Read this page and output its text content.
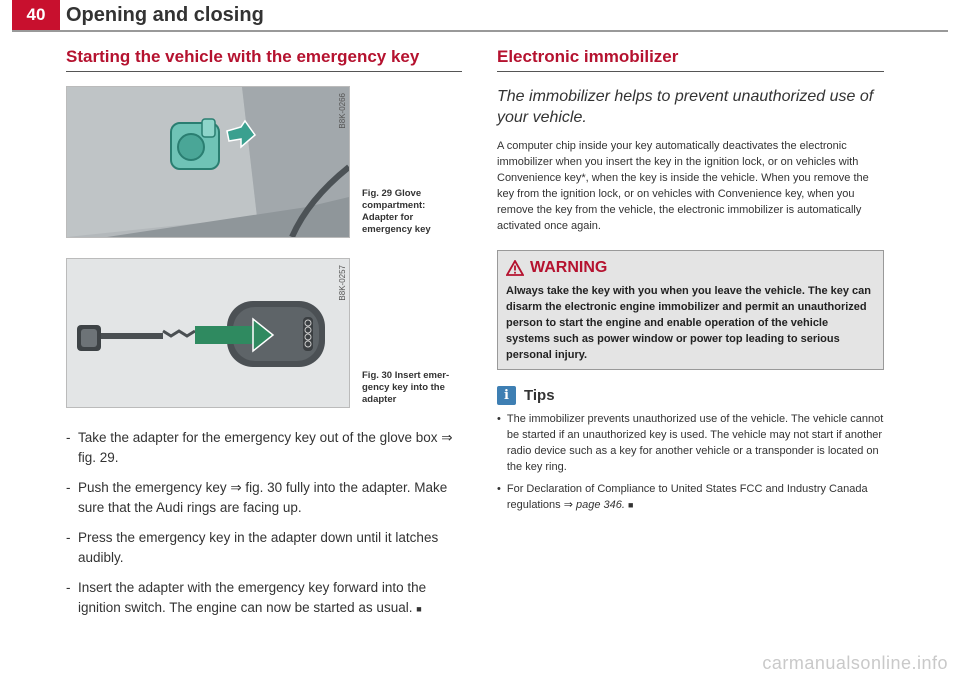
40	Opening and closing
Starting the vehicle with the emergency key
B8K-0266
Fig. 29 Glove compartment: Adapter for emergency key
B8K-0257
Fig. 30 Insert emer-gency key into the adapter
- Take the adapter for the emergency key out of the glove box ⇒ fig. 29.
- Push the emergency key ⇒ fig. 30 fully into the adapter. Make sure that the Audi rings are facing up.
- Press the emergency key in the adapter down until it latches audibly.
- Insert the adapter with the emergency key forward into the ignition switch. The engine can now be started as usual. ■
Electronic immobilizer

The immobilizer helps to prevent unauthorized use of your vehicle.

A computer chip inside your key automatically deactivates the electronic immobilizer when you insert the key in the ignition lock, or on vehicles with Convenience key*, when the key is inside the vehicle. When you remove the key from the ignition lock, or on vehicles with Convenience key, when you remove the key from the vehicle, the electronic immobilizer is automatically activated once again.

WARNING
Always take the key with you when you leave the vehicle. The key can disarm the electronic engine immobilizer and permit an unauthorized person to start the engine and enable operation of the vehicle systems such as power window or power top leading to serious personal injury.
i	Tips
• The immobilizer prevents unauthorized use of the vehicle. The vehicle cannot be started if an unauthorized key is used. The vehicle may not start if another radio device such as a key for another vehicle or a transponder is located on the key ring.
• For Declaration of Compliance to United States FCC and Industry Canada regulations ⇒ page 346. ■
carmanualsonline.info
